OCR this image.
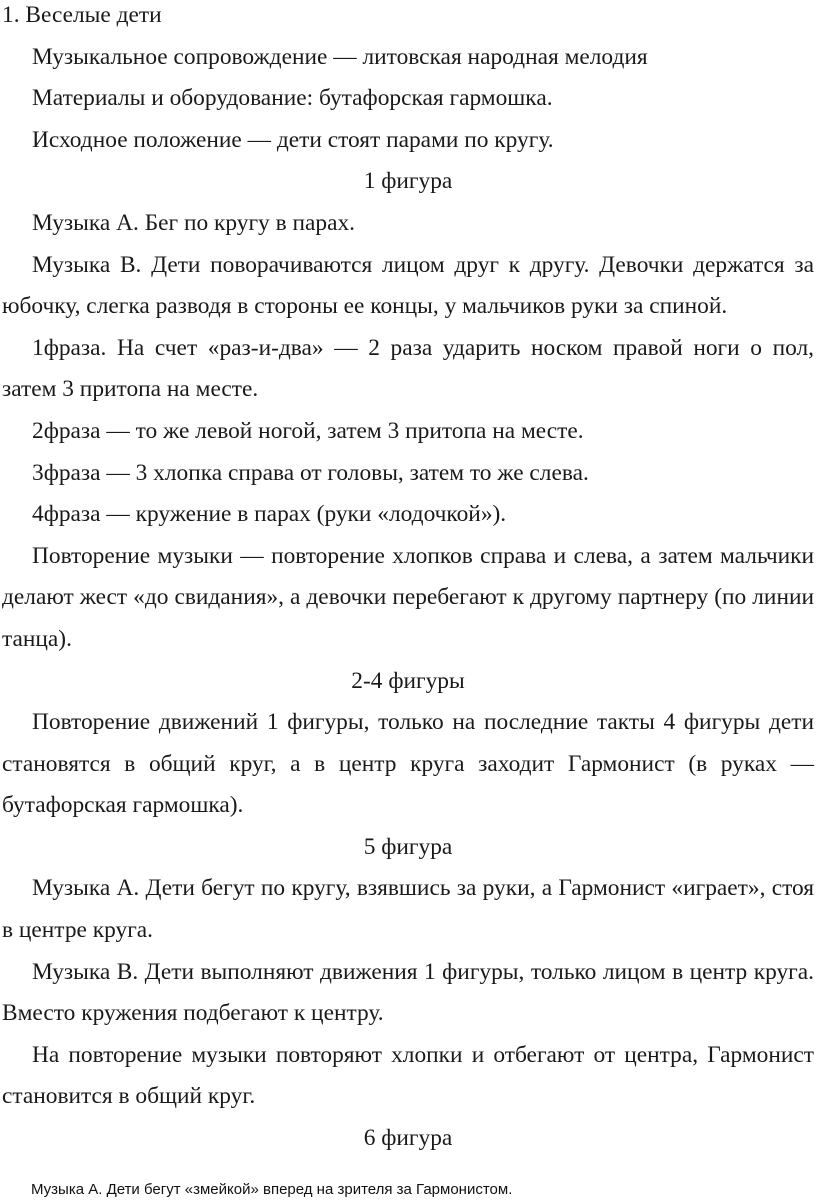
1. Веселые дети

Музыкальное сопровождение — литовская народная мелодия

Материалы и оборудование: бутафорская гармошка.

Исходное положение — дети стоят парами по кругу.

1 фигура

Музыка А. Бег по кругу в парах.

Музыка В. Дети поворачиваются лицом друг к другу. Девочки держатся за юбочку, слегка разводя в стороны ее концы, у мальчиков руки за спиной.

1фраза. На счет «раз-и-два» — 2 раза ударить носком правой ноги о пол, затем 3 притопа на месте.

2фраза — то же левой ногой, затем 3 притопа на месте.

3фраза — 3 хлопка справа от головы, затем то же слева.

4фраза — кружение в парах (руки «лодочкой»).

Повторение музыки — повторение хлопков справа и слева, а затем мальчики делают жест «до свидания», а девочки перебегают к другому партнеру (по линии танца).

2-4 фигуры

Повторение движений 1 фигуры, только на последние такты 4 фигуры дети становятся в общий круг, а в центр круга заходит Гармонист (в руках — бутафорская гармошка).

5 фигура

Музыка А. Дети бегут по кругу, взявшись за руки, а Гармонист «играет», стоя в центре круга.

Музыка В. Дети выполняют движения 1 фигуры, только лицом в центр круга. Вместо кружения подбегают к центру.

На повторение музыки повторяют хлопки и отбегают от центра, Гармонист становится в общий круг.

6 фигура

Музыка А. Дети бегут «змейкой» вперед на зрителя за Гармонистом.
